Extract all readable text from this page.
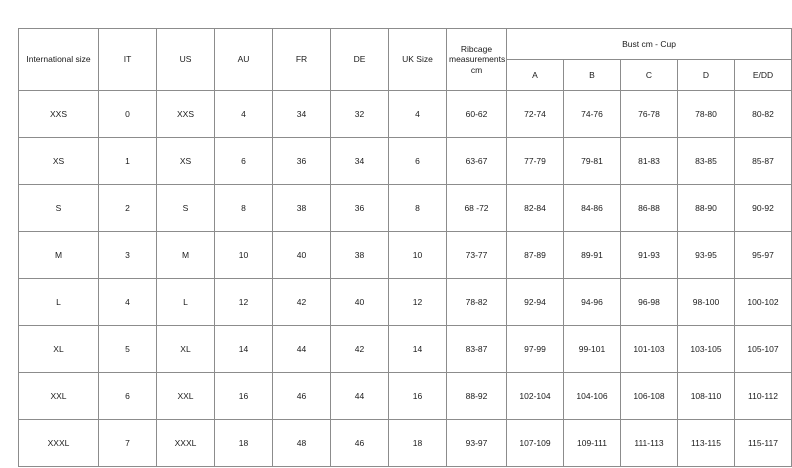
International size	IT	US	AU	FR	DE	UK Size	Ribcage measurements cm	Bust cm - Cup				
								A	B	C	D	E/DD
XXS	0	XXS	4	34	32	4	60-62	72-74	74-76	76-78	78-80	80-82
XS	1	XS	6	36	34	6	63-67	77-79	79-81	81-83	83-85	85-87
S	2	S	8	38	36	8	68 -72	82-84	84-86	86-88	88-90	90-92
M	3	M	10	40	38	10	73-77	87-89	89-91	91-93	93-95	95-97
L	4	L	12	42	40	12	78-82	92-94	94-96	96-98	98-100	100-102
XL	5	XL	14	44	42	14	83-87	97-99	99-101	101-103	103-105	105-107
XXL	6	XXL	16	46	44	16	88-92	102-104	104-106	106-108	108-110	110-112
XXXL	7	XXXL	18	48	46	18	93-97	107-109	109-111	111-113	113-115	115-117
